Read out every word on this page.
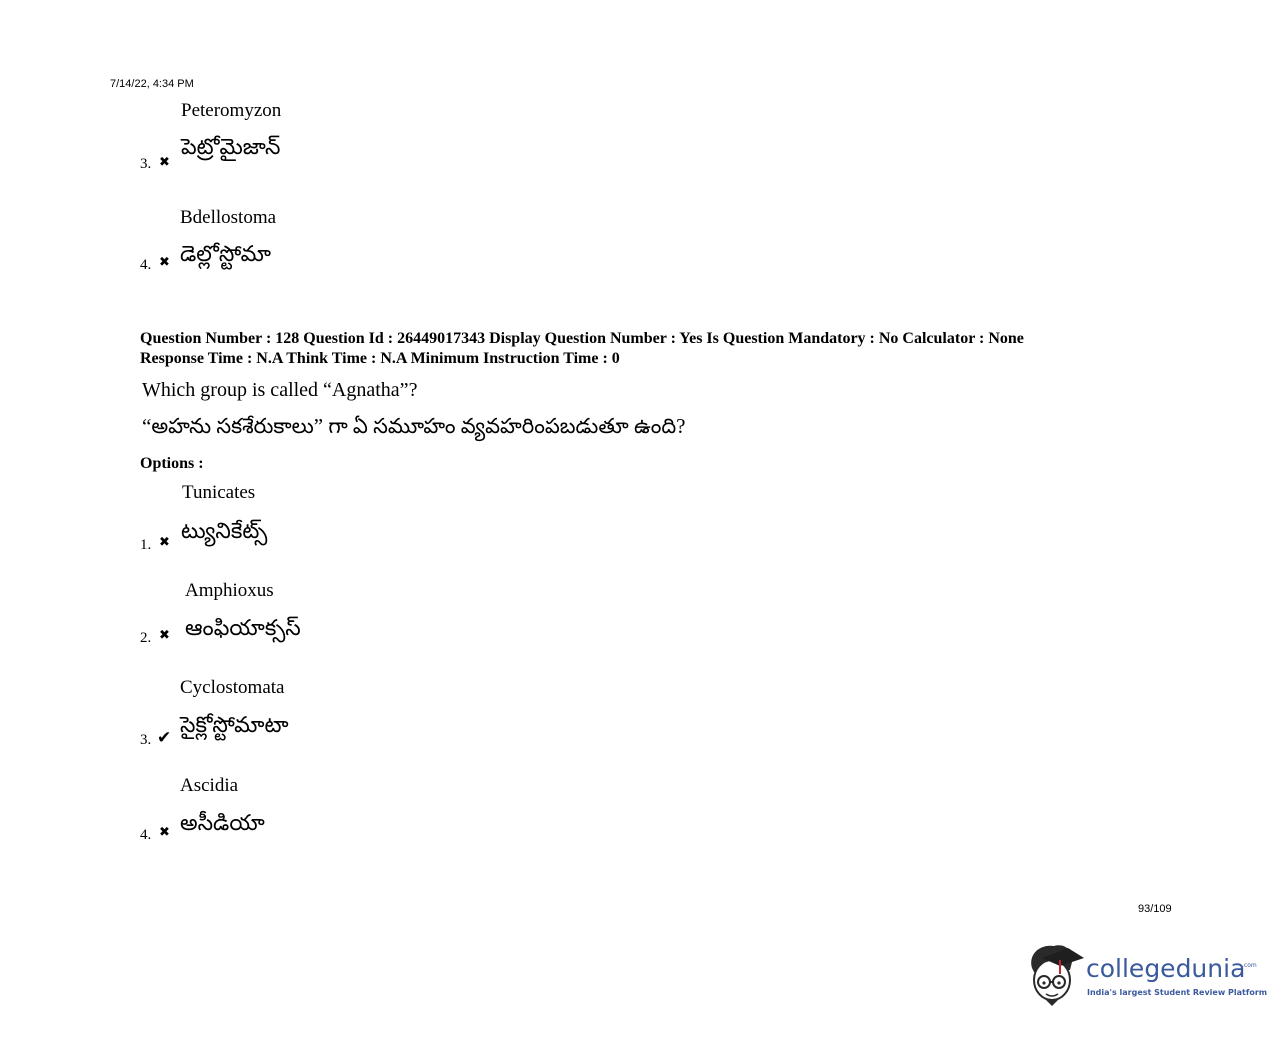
7/14/22, 4:34 PM
Peteromyzon
పెట్రోమైజాన్
3. ✖
Bdellostoma
డెల్లోస్టోమా
4. ✖
Question Number : 128 Question Id : 26449017343 Display Question Number : Yes Is Question Mandatory : No Calculator : None
Response Time : N.A Think Time : N.A Minimum Instruction Time : 0
Which group is called “Agnatha”?
“అహను సకశేరుకాలు” గా ఏ సమూహం వ్యవహరింపబడుతూ ఉంది?
Options :
Tunicates
ట్యునికేట్స్
1. ✖
Amphioxus
ఆంఫియాక్సస్
2. ✖
Cyclostomata
సైక్లోస్టోమాటా
3. ✔
Ascidia
అసీడియా
4. ✖
93/109
collegedunia
.com
India's largest Student Review Platform
